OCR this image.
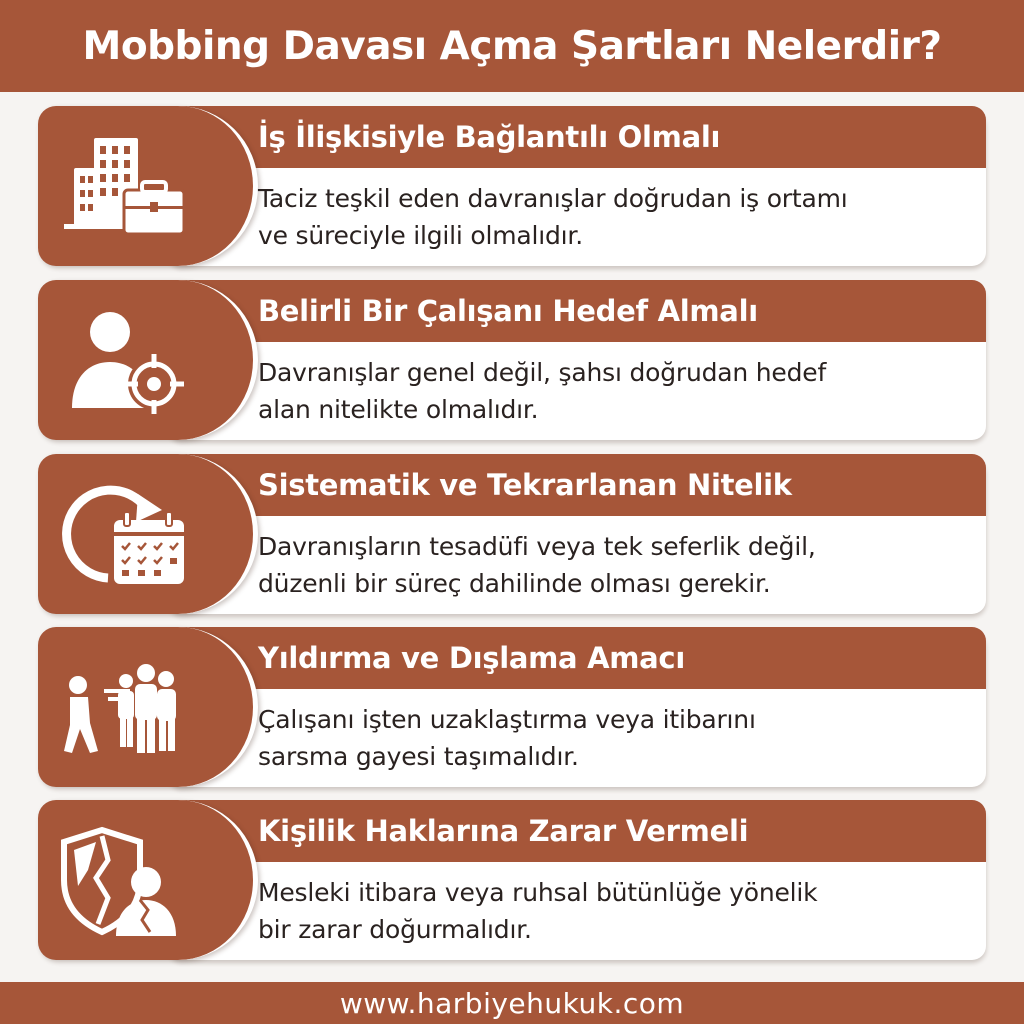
Mobbing Davası Açma Şartları Nelerdir?
İş İlişkisiyle Bağlantılı Olmalı
Taciz teşkil eden davranışlar doğrudan iş ortamı
ve süreciyle ilgili olmalıdır.
Belirli Bir Çalışanı Hedef Almalı
Davranışlar genel değil, şahsı doğrudan hedef
alan nitelikte olmalıdır.
Sistematik ve Tekrarlanan Nitelik
Davranışların tesadüfi veya tek seferlik değil,
düzenli bir süreç dahilinde olması gerekir.
Yıldırma ve Dışlama Amacı
Çalışanı işten uzaklaştırma veya itibarını
sarsma gayesi taşımalıdır.
Kişilik Haklarına Zarar Vermeli
Mesleki itibara veya ruhsal bütünlüğe yönelik
bir zarar doğurmalıdır.
www.harbiyehukuk.com
